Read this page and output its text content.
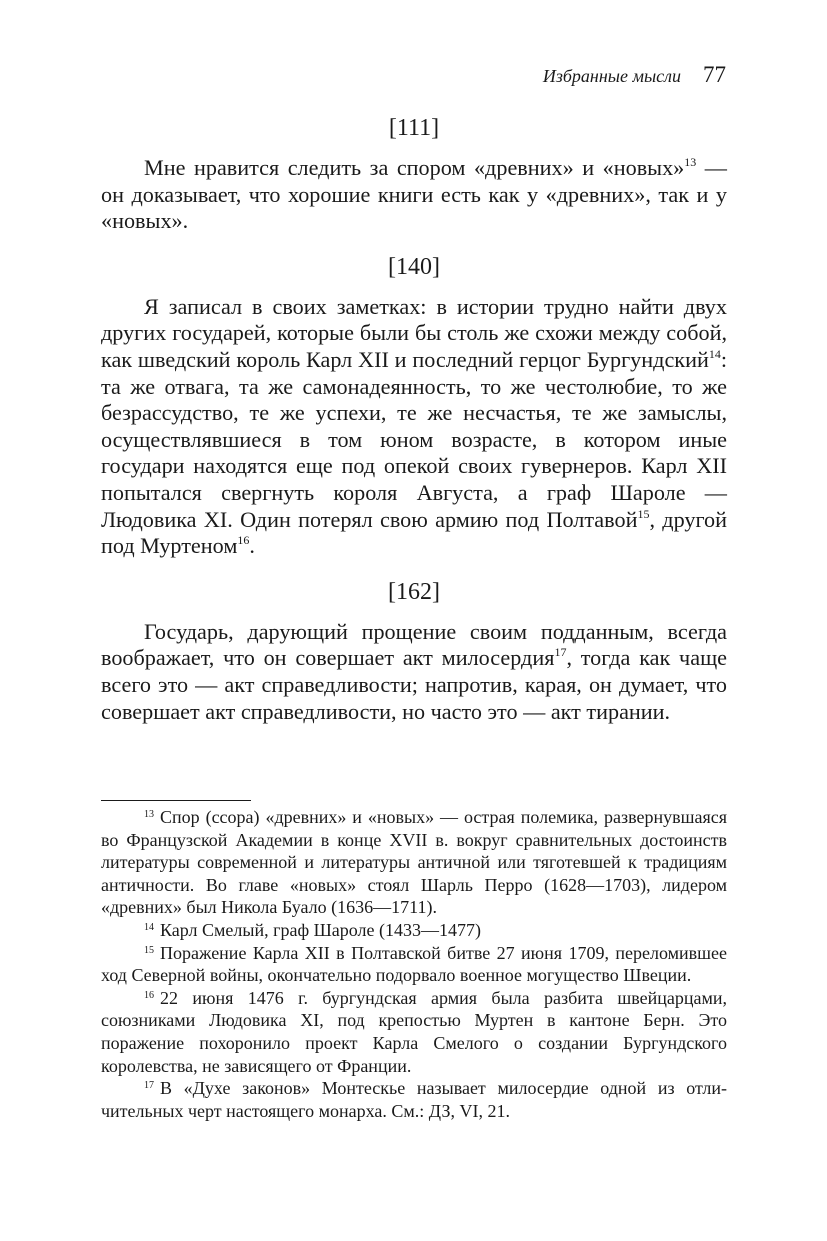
Избранные мысли 77
[111]

Мне нравится следить за спором «древних» и «новых»$^{13}$ — он доказывает, что хорошие книги есть как у «древних», так и у «новых».

[140]

Я записал в своих заметках: в истории трудно найти двух других государей, которые были бы столь же схожи между собой, как шведский король Карл XII и последний герцог Бургундский$^{14}$: та же отвага, та же самонадеянность, то же честолюбие, то же безрассудство, те же успехи, те же несчастья, те же замыслы, осуществлявшиеся в том юном возрасте, в котором иные государи находятся еще под опекой своих гувернеров. Карл XII попытался свергнуть короля Августа, а граф Шароле — Людовика XI. Один потерял свою армию под Полтавой$^{15}$, другой под Муртеном$^{16}$.

[162]

Государь, дарующий прощение своим подданным, всегда воображает, что он совершает акт милосердия$^{17}$, тогда как чаще всего это — акт справедливости; напротив, карая, он думает, что совершает акт справедливости, но часто это — акт тирании.

$^{13}$ Спор (ссора) «древних» и «новых» — острая полемика, развернувшаяся во Французской Академии в конце XVII в. вокруг сравнительных достоинств литературы современной и литературы античной или тяготевшей к традициям античности. Во главе «новых» стоял Шарль Перро (1628—1703), лидером «древних» был Никола Буало (1636—1711).

$^{14}$ Карл Смелый, граф Шароле (1433—1477)

$^{15}$ Поражение Карла XII в Полтавской битве 27 июня 1709, переломившее ход Северной войны, окончательно подорвало военное могущество Швеции.

$^{16}$ 22 июня 1476 г. бургундская армия была разбита швейцарцами, союзниками Людовика XI, под крепостью Муртен в кантоне Берн. Это поражение похоронило проект Карла Смелого о создании Бургундского королевства, не зависящего от Франции.

$^{17}$ В «Духе законов» Монтескье называет милосердие одной из отличительных черт настоящего монарха. См.: ДЗ, VI, 21.
